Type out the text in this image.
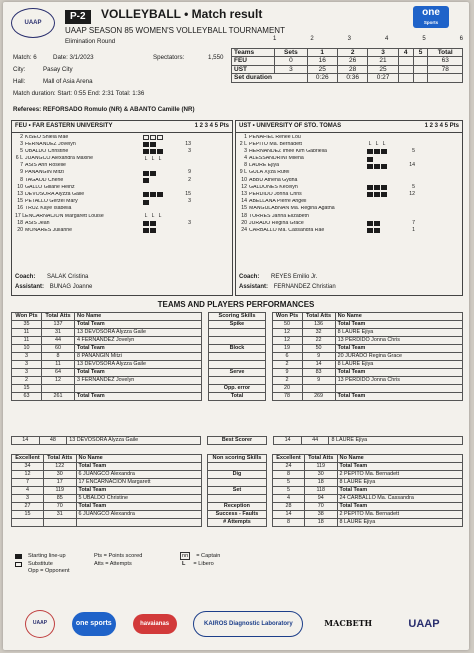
UAAP
P-2	VOLLEYBALL • Match result
UAAP SEASON 85 WOMEN'S VOLLEYBALL TOURNAMENT
Elimination Round
one
Sports
Match: 6	Date: 3/1/2023	Spectators:	1,550
City:	Pasay City
Hall:	Mall of Asia Arena
Match duration: Start: 0:55 End: 2:31 Total: 1:36
1	2	3	4	5	6
Teams	Sets	1	2	3	4	5	Total
FEU	0	16	26	21			63
UST	3	25	28	25			78
Set duration		0:26	0:36	0:27			
Referees: REFORSADO Romulo (NR) & ABANTO Camille (NR)
FEU • FAR EASTERN UNIVERSITY	1 2 3 4 5 Pts
2 KISEO Shiela Mae
3 FERNANDEZ Jovelyn	13
5 UBALDO Christine	3
6 L JUANGCO Alexandra Maxine	L L L
7 ASIS Ann Roselle
9 PANANGIN Mitzi	9
8 TAGAOD Cherie	2
10 GALLO Giliane Heinz
13 DEVOSORA Alyzza Gaile	15
15 PETALLO Gerzel Mary	3
16 TRUZ Kaye Isabella
17 L ENCARNACION Margarett Louise	L L L
18 ASIS Jean	3
20 MONARES Julianne
Coach: SALAK Cristina
Assistant: BUNAG Joanne
UST • UNIVERSITY OF STO. TOMAS	1 2 3 4 5 Pts
1 PENAFIEL Renee Lou
2 L PEPITO Ma. Bernadett	L L L
3 HERNANDEZ Imee Kim Gabriella	5
4 ALESSANDRINI Milena
8 LAURE Ejiya	14
9 L GULA Xyza Rufel
10 ABBU Athena Gydha
12 GALDONES Kecelyn	5
13 PERDIDO Jonna Chris	12
14 ABELLANA Pierre Angeli
15 MANGULABNAN Ma. Regina Agatha
18 TORRES Janna Elizabeth
20 JURADO Regina Grace	7
24 CARBALLO Ma. Cassandra Rae	1
Coach: REYES Emilio Jr.
Assistant: FERNANDEZ Christian
TEAMS AND PLAYERS PERFORMANCES
Won Pts	Total Atts	No Name		Scoring Skills		Won Pts	Total Atts	No Name
35	137	Total Team		Spike		50	136	Total Team
11	31	13 DEVOSORA Alyzza Gaile				12	32	8 LAURE Ejiya
11	44	4 FERNANDEZ Jovelyn				12	22	13 PERDIDO Jonna Chris
10	60	Total Team		Block		19	50	Total Team
3	8	8 PANANGIN Mitzi				6	9	20 JURADO Regina Grace
3	11	13 DEVOSORA Alyzza Gaile				2	14	8 LAURE Ejiya
3	64	Total Team		Serve		9	83	Total Team
2	12	3 FERNANDEZ Jovelyn				2	9	13 PERDIDO Jonna Chris
15				Opp. error		20		
63	261	Total Team		Total		78	269	Total Team
14	48	13 DEVOSORA Alyzza Gaile		Best Scorer		14	44	8 LAURE Ejiya
Excellent	Total Atts	No Name		Non scoring Skills		Excellent	Total Atts	No Name
34	122	Total Team				24	119	Total Team
12	30	6 JUANGCO Alexandra		Dig		8	30	2 PEPITO Ma. Bernadett
7	17	17 ENCARNACION Margarett				5	18	8 LAURE Ejiya
4	119	Total Team		Set		5	118	Total Team
3	85	5 UBALDO Christine				4	94	24 CARBALLO Ma. Cassandra
27	70	Total Team		Reception		28	70	Total Team
15	31	6 JUANGCO Alexandra		Success - Faults		14	38	2 PEPITO Ma. Bernadett
				# Attempts		8	18	8 LAURE Ejiya
Starting line-up	Pts = Points scored	nn	= Captain
Substitute	Atts = Attempts	L	= Libero
Opp = Opponent
UAAP	one sports	havaianas	KAIROS Diagnostic Laboratory	MACBETH	UAAP
